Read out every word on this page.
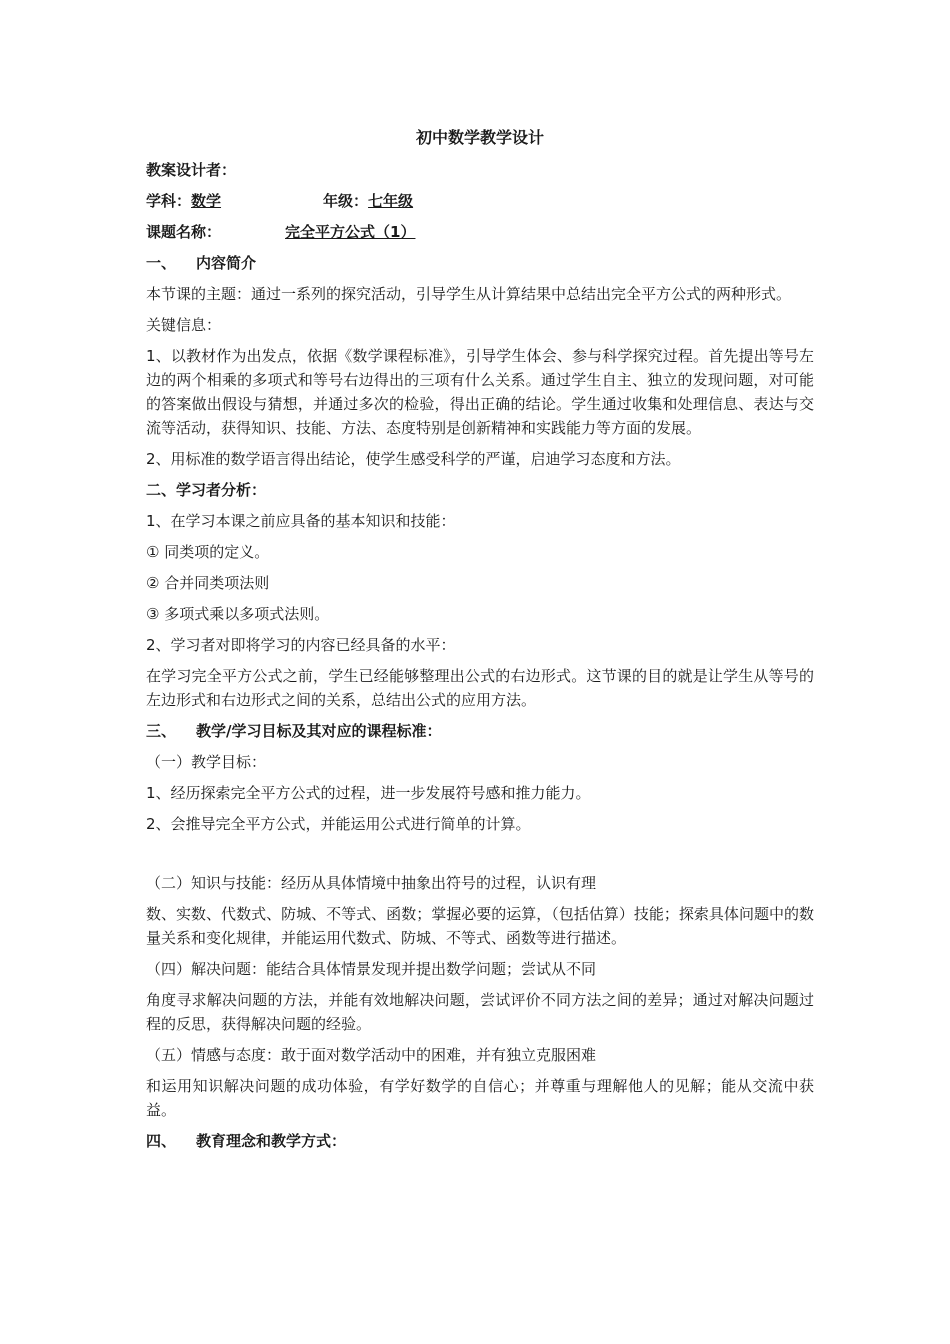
初中数学教学设计
教案设计者：
学科：数学	年级：七年级
课题名称：	完全平方公式（1）
一、 内容简介
本节课的主题：通过一系列的探究活动，引导学生从计算结果中总结出完全平方公式的两种形式。
关键信息：
1、以教材作为出发点，依据《数学课程标准》，引导学生体会、参与科学探究过程。首先提出等号左边的两个相乘的多项式和等号右边得出的三项有什么关系。通过学生自主、独立的发现问题，对可能的答案做出假设与猜想，并通过多次的检验，得出正确的结论。学生通过收集和处理信息、表达与交流等活动，获得知识、技能、方法、态度特别是创新精神和实践能力等方面的发展。
2、用标准的数学语言得出结论，使学生感受科学的严谨，启迪学习态度和方法。
二、学习者分析：
1、在学习本课之前应具备的基本知识和技能：
① 同类项的定义。
② 合并同类项法则
③ 多项式乘以多项式法则。
2、学习者对即将学习的内容已经具备的水平：
在学习完全平方公式之前，学生已经能够整理出公式的右边形式。这节课的目的就是让学生从等号的左边形式和右边形式之间的关系，总结出公式的应用方法。
三、 教学/学习目标及其对应的课程标准：
（一）教学目标：
1、经历探索完全平方公式的过程，进一步发展符号感和推力能力。
2、会推导完全平方公式，并能运用公式进行简单的计算。
（二）知识与技能：经历从具体情境中抽象出符号的过程，认识有理
数、实数、代数式、防城、不等式、函数；掌握必要的运算，（包括估算）技能；探索具体问题中的数量关系和变化规律，并能运用代数式、防城、不等式、函数等进行描述。
（四）解决问题：能结合具体情景发现并提出数学问题；尝试从不同
角度寻求解决问题的方法，并能有效地解决问题，尝试评价不同方法之间的差异；通过对解决问题过程的反思，获得解决问题的经验。
（五）情感与态度：敢于面对数学活动中的困难，并有独立克服困难
和运用知识解决问题的成功体验，有学好数学的自信心；并尊重与理解他人的见解；能从交流中获益。
四、 教育理念和教学方式：
